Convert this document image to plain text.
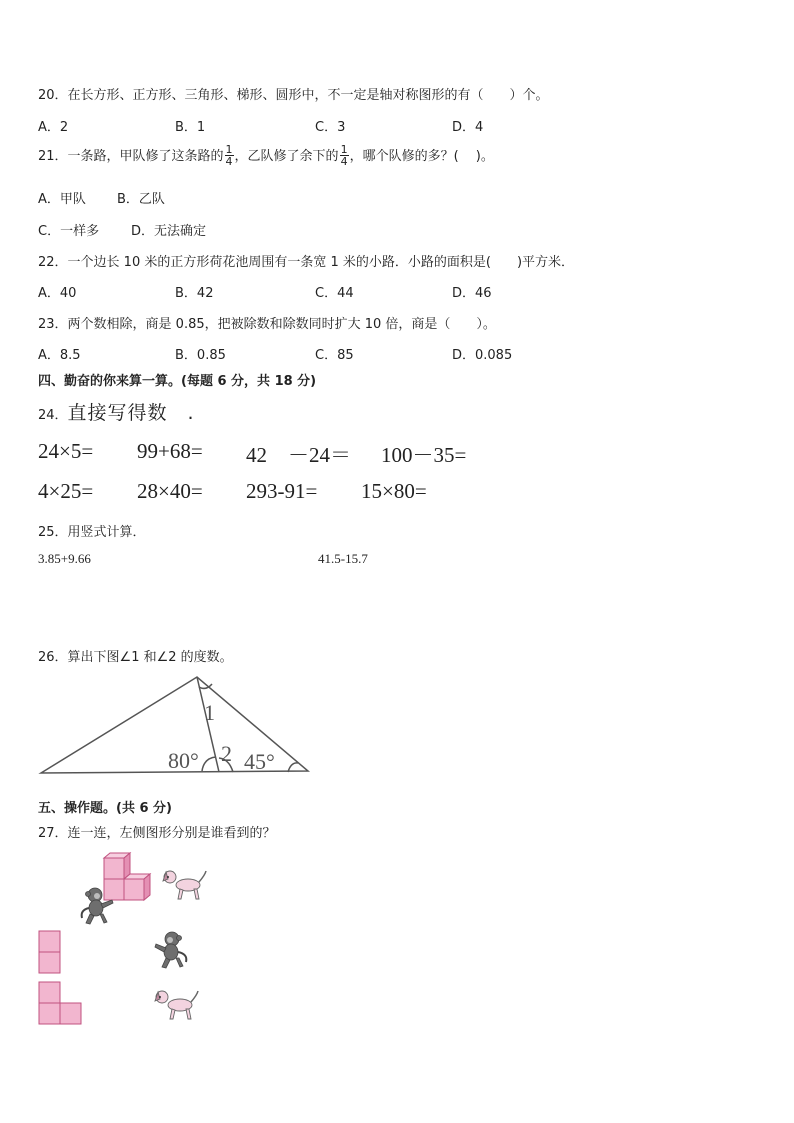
20．在长方形、正方形、三角形、梯形、圆形中，不一定是轴对称图形的有（　　）个。
A．2	B．1	C．3	D．4
21．一条路，甲队修了这条路的 $\frac{1}{4}$ ，乙队修了余下的 $\frac{1}{4}$ ，哪个队修的多？(　 )。
A．甲队 B．乙队
C．一样多 D．无法确定
22．一个边长 10 米的正方形荷花池周围有一条宽 1 米的小路．小路的面积是(　　)平方米．
A．40	B．42	C．44	D．46
23．两个数相除，商是 0.85，把被除数和除数同时扩大 10 倍，商是（　　）。
A．8.5	B．0.85	C．85	D．0.085
四、勤奋的你来算一算。(每题 6 分，共 18 分)
24．直接写得数　.
24×5= 99+68= 42　－24＝ 100－35=
4×25= 28×40= 293-91= 15×80=
25．用竖式计算．
3.85+9.66	41.5-15.7
26．算出下图∠1 和∠2 的度数。
1
80° 2 45°
五、操作题。(共 6 分)
27．连一连，左侧图形分别是谁看到的？
